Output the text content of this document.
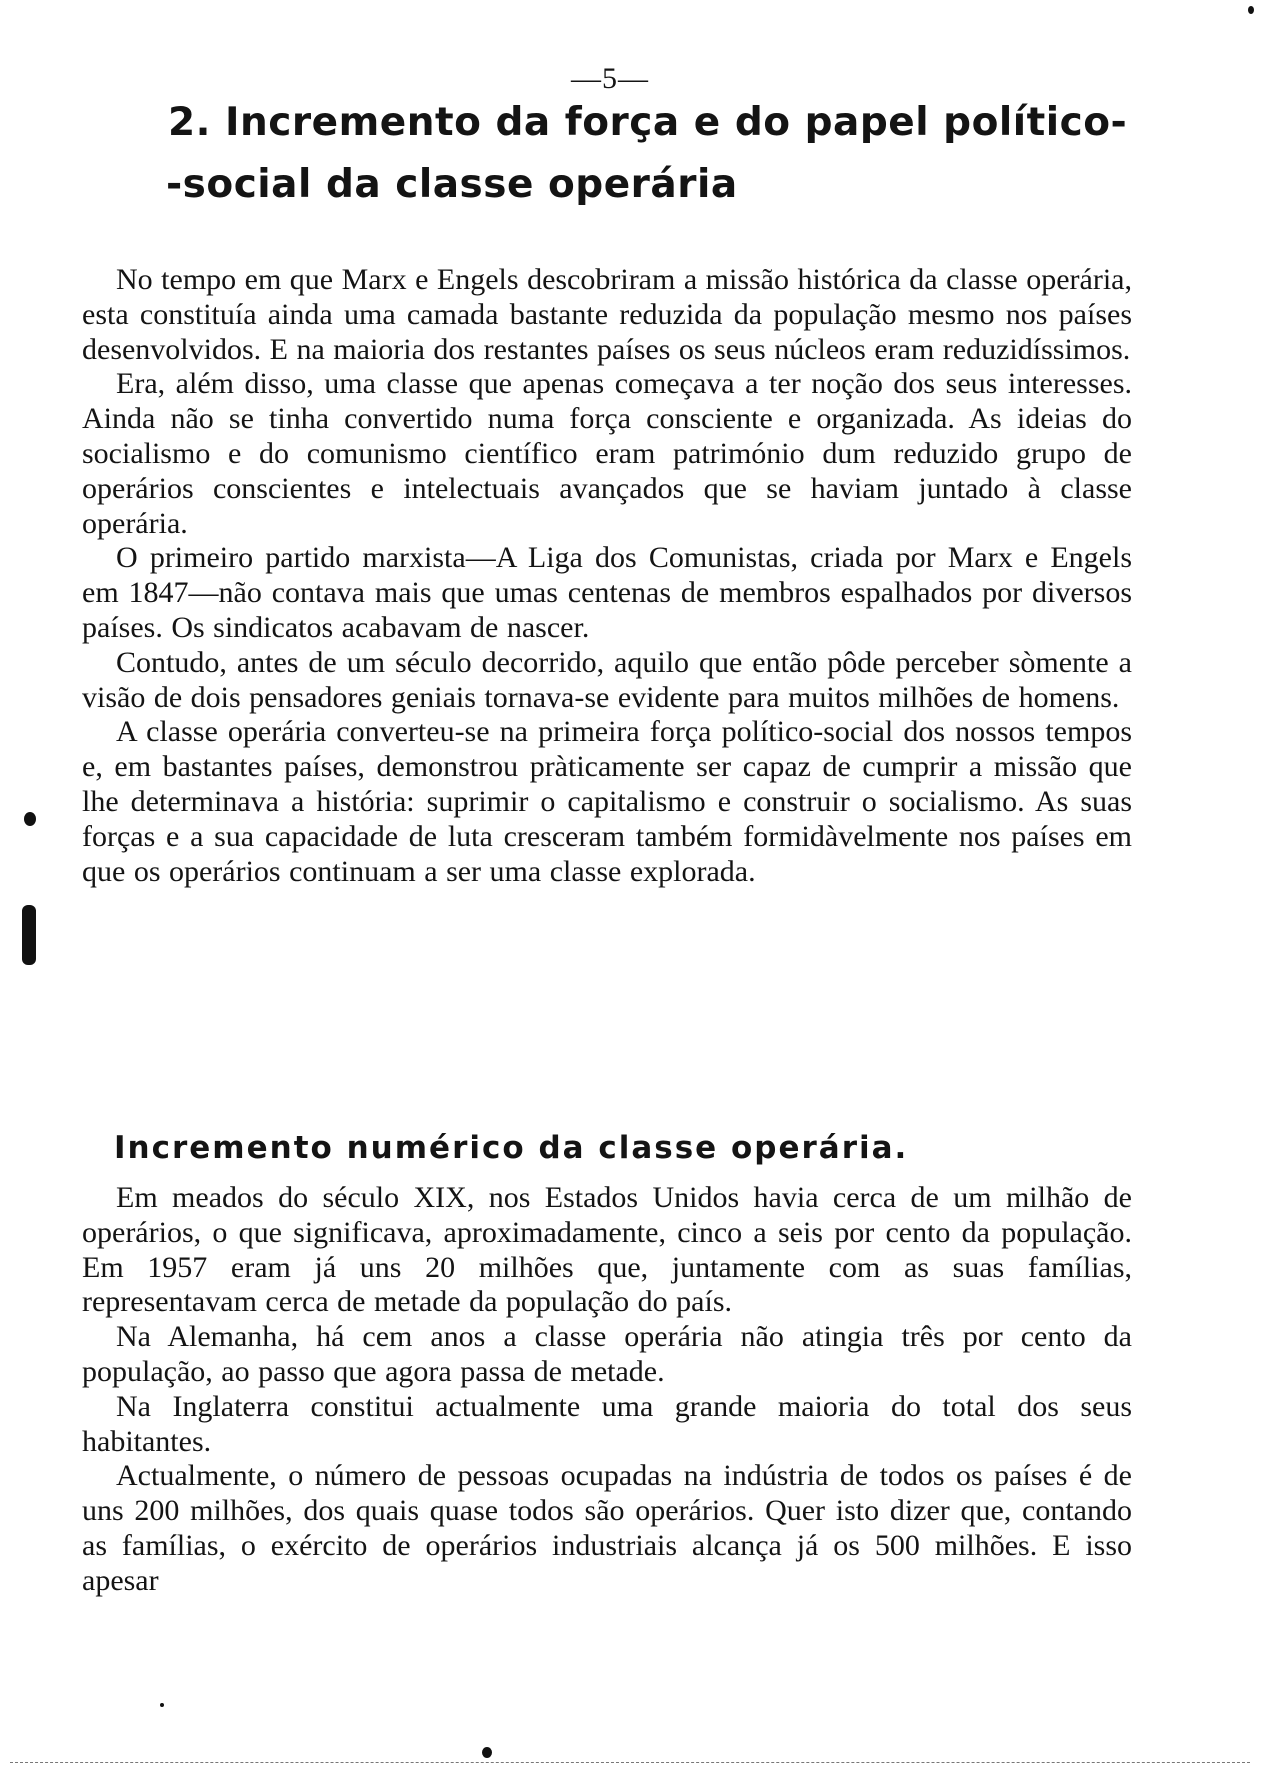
—5—
2. Incremento da força e do papel político-
-social da classe operária

No tempo em que Marx e Engels descobriram a missão histórica da classe operária, esta constituía ainda uma camada bastante reduzida da população mesmo nos países desenvolvidos. E na maioria dos restantes países os seus núcleos eram reduzidíssimos.

Era, além disso, uma classe que apenas começava a ter noção dos seus interesses. Ainda não se tinha convertido numa força consciente e organizada. As ideias do socialismo e do comunismo científico eram património dum reduzido grupo de operários conscientes e intelectuais avançados que se haviam juntado à classe operária.

O primeiro partido marxista—A Liga dos Comunistas, criada por Marx e Engels em 1847—não contava mais que umas centenas de membros espalhados por diversos países. Os sindicatos acabavam de nascer.

Contudo, antes de um século decorrido, aquilo que então pôde perceber sòmente a visão de dois pensadores geniais tornava-se evidente para muitos milhões de homens.

A classe operária converteu-se na primeira força político-social dos nossos tempos e, em bastantes países, demonstrou pràticamente ser capaz de cumprir a missão que lhe determinava a história: suprimir o capitalismo e construir o socialismo. As suas forças e a sua capacidade de luta cresceram também formidàvelmente nos países em que os operários continuam a ser uma classe explorada.

Incremento numérico da classe operária.

Em meados do século XIX, nos Estados Unidos havia cerca de um milhão de operários, o que significava, aproximadamente, cinco a seis por cento da população. Em 1957 eram já uns 20 milhões que, juntamente com as suas famílias, representavam cerca de metade da população do país.

Na Alemanha, há cem anos a classe operária não atingia três por cento da população, ao passo que agora passa de metade.

Na Inglaterra constitui actualmente uma grande maioria do total dos seus habitantes.

Actualmente, o número de pessoas ocupadas na indústria de todos os países é de uns 200 milhões, dos quais quase todos são operários. Quer isto dizer que, contando as famílias, o exército de operários industriais alcança já os 500 milhões. E isso apesar
